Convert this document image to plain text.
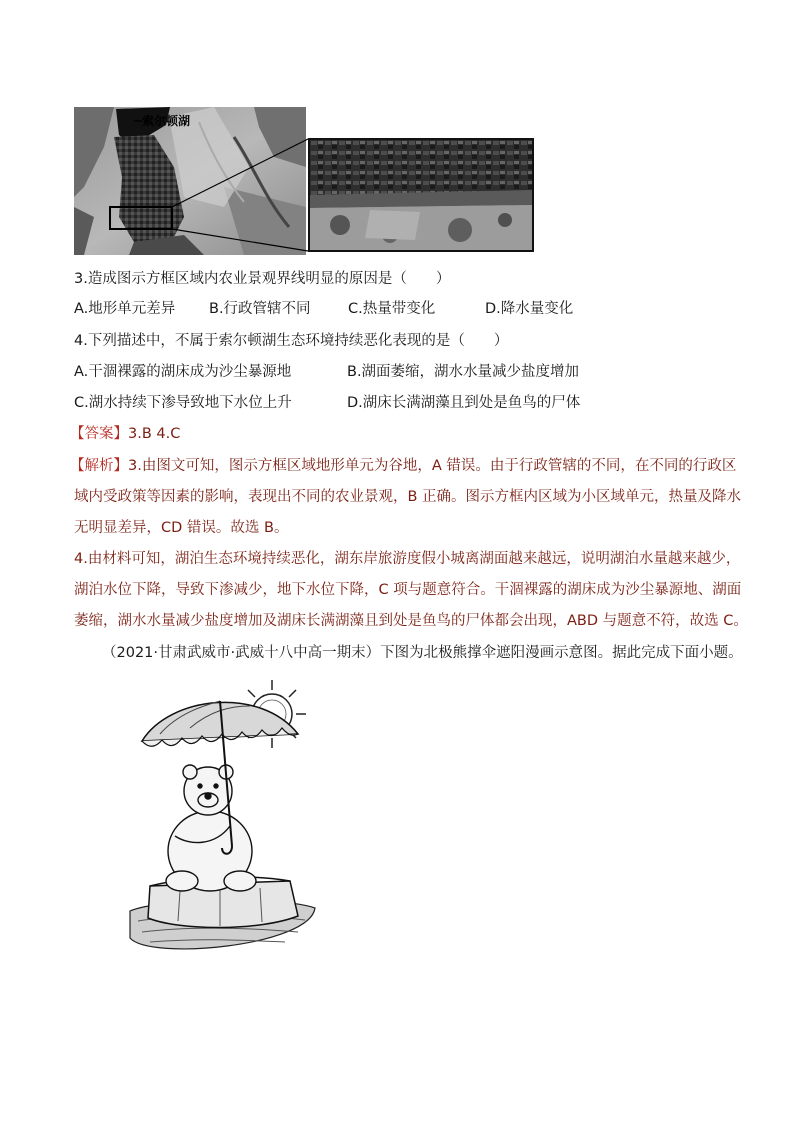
索尔顿湖
3.造成图示方框区域内农业景观界线明显的原因是（　　）
A.地形单元差异 B.行政管辖不同	C.热量带变化	D.降水量变化
4.下列描述中，不属于索尔顿湖生态环境持续恶化表现的是（　　）
A.干涸裸露的湖床成为沙尘暴源地	B.湖面萎缩，湖水水量减少盐度增加
C.湖水持续下渗导致地下水位上升	D.湖床长满湖藻且到处是鱼鸟的尸体
【答案】3.B 4.C
【解析】3.由图文可知，图示方框区域地形单元为谷地，A 错误。由于行政管辖的不同，在不同的行政区
域内受政策等因素的影响，表现出不同的农业景观，B 正确。图示方框内区域为小区域单元，热量及降水
无明显差异，CD 错误。故选 B。
4.由材料可知，湖泊生态环境持续恶化，湖东岸旅游度假小城离湖面越来越远，说明湖泊水量越来越少，
湖泊水位下降，导致下渗减少，地下水位下降，C 项与题意符合。干涸裸露的湖床成为沙尘暴源地、湖面
萎缩，湖水水量减少盐度增加及湖床长满湖藻且到处是鱼鸟的尸体都会出现，ABD 与题意不符，故选 C。
（2021·甘肃武威市·武威十八中高一期末）下图为北极熊撑伞遮阳漫画示意图。据此完成下面小题。
